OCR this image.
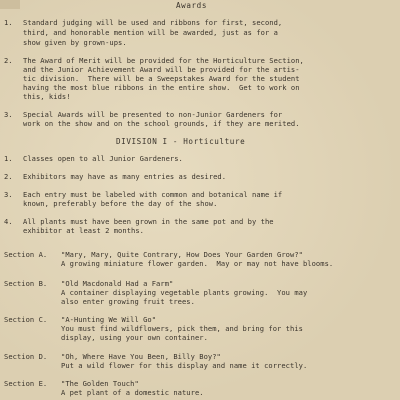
Awards
1. Standard judging will be used and ribbons for first, second,
third, and honorable mention will be awarded, just as for a
show given by grown-ups.
2. The Award of Merit will be provided for the Horticulture Section,
and the Junior Achievement Award will be provided for the artis-
tic division.  There will be a Sweepstakes Award for the student
having the most blue ribbons in the entire show.  Get to work on
this, kids!
3. Special Awards will be presented to non-Junior Gardeners for
work on the show and on the school grounds, if they are merited.
DIVISION I - Horticulture
1. Classes open to all Junior Gardeners.
2. Exhibitors may have as many entries as desired.
3. Each entry must be labeled with common and botanical name if
known, preferably before the day of the show.
4. All plants must have been grown in the same pot and by the
exhibitor at least 2 months.
Section A. "Mary, Mary, Quite Contrary, How Does Your Garden Grow?"
A growing miniature flower garden.  May or may not have blooms.
Section B. "Old Macdonald Had a Farm"
A container displaying vegetable plants growing.  You may
also enter growing fruit trees.
Section C. "A-Hunting We Will Go"
You must find wildflowers, pick them, and bring for this
display, using your own container.
Section D. "Oh, Where Have You Been, Billy Boy?"
Put a wild flower for this display and name it correctly.
Section E. "The Golden Touch"
A pet plant of a domestic nature.
